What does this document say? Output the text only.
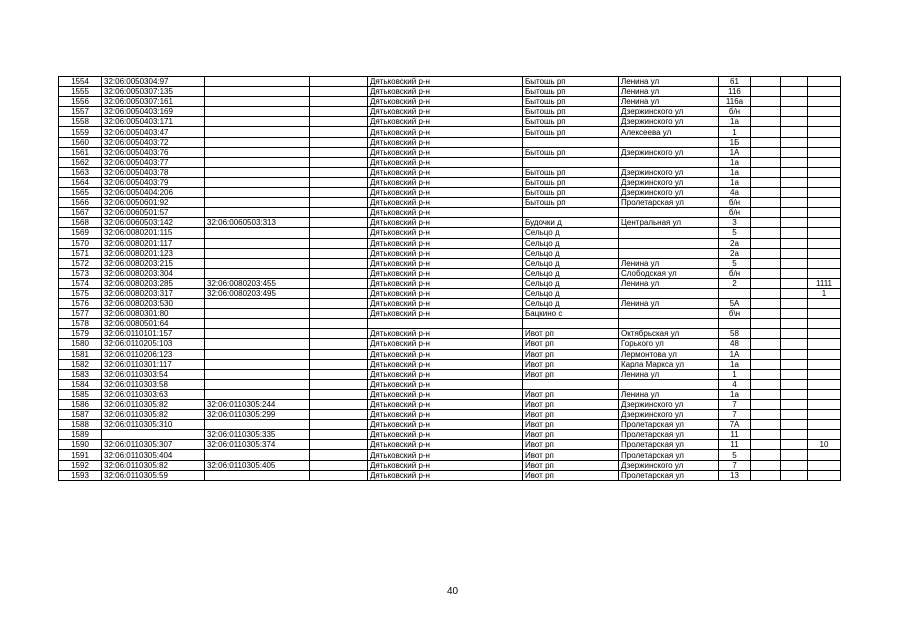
1554	32:06:0050304:97			Дятьковский р-н	Бытошь рп	Ленина ул	61			
1555	32:06:0050307:135			Дятьковский р-н	Бытошь рп	Ленина ул	116			
1556	32:06:0050307:161			Дятьковский р-н	Бытошь рп	Ленина ул	116а			
1557	32:06:0050403:169			Дятьковский р-н	Бытошь рп	Дзержинского ул	б/н			
1558	32:06:0050403:171			Дятьковский р-н	Бытошь рп	Дзержинского ул	1а			
1559	32:06:0050403:47			Дятьковский р-н	Бытошь рп	Алексеева ул	1			
1560	32:06:0050403:72			Дятьковский р-н			1Б			
1561	32:06:0050403:76			Дятьковский р-н	Бытошь рп	Дзержинского ул	1А			
1562	32:06:0050403:77			Дятьковский р-н			1а			
1563	32:06:0050403:78			Дятьковский р-н	Бытошь рп	Дзержинского ул	1а			
1564	32:06:0050403:79			Дятьковский р-н	Бытошь рп	Дзержинского ул	1а			
1565	32:06:0050404:206			Дятьковский р-н	Бытошь рп	Дзержинского ул	4а			
1566	32:06:0050601:92			Дятьковский р-н	Бытошь рп	Пролетарская ул	б/н			
1567	32:06:0060501:57			Дятьковский р-н			б/н			
1568	32:06:0060503:142	32:06:0060503:313		Дятьковский р-н	Будочки д	Центральная ул	3			
1569	32:06:0080201:115			Дятьковский р-н	Сельцо д		5			
1570	32:06:0080201:117			Дятьковский р-н	Сельцо д		2а			
1571	32:06:0080201:123			Дятьковский р-н	Сельцо д		2а			
1572	32:06:0080203:215			Дятьковский р-н	Сельцо д	Ленина ул	5			
1573	32:06:0080203:304			Дятьковский р-н	Сельцо д	Слободская ул	б/н			
1574	32:06:0080203:285	32:06:0080203:455		Дятьковский р-н	Сельцо д	Ленина ул	2			1111
1575	32:06:0080203:317	32:06:0080203:495		Дятьковский р-н	Сельцо д					1
1576	32:06:0080203:530			Дятьковский р-н	Сельцо д	Ленина ул	5А			
1577	32:06:0080301:80			Дятьковский р-н	Бацкино с		б\н			
1578	32:06:0080501:64									
1579	32:06:0110101:157			Дятьковский р-н	Ивот рп	Октябрьская ул	58			
1580	32:06:0110205:103			Дятьковский р-н	Ивот рп	Горького ул	48			
1581	32:06:0110206:123			Дятьковский р-н	Ивот рп	Лермонтова ул	1А			
1582	32:06:0110301:117			Дятьковский р-н	Ивот рп	Карла Маркса ул	1а			
1583	32:06:0110303:54			Дятьковский р-н	Ивот рп	Ленина ул	1			
1584	32:06:0110303:58			Дятьковский р-н			4			
1585	32:06:0110303:63			Дятьковский р-н	Ивот рп	Ленина ул	1а			
1586	32:06:0110305:82	32:06:0110305:244		Дятьковский р-н	Ивот рп	Дзержинского ул	7			
1587	32:06:0110305:82	32:06:0110305:299		Дятьковский р-н	Ивот рп	Дзержинского ул	7			
1588	32:06:0110305:310			Дятьковский р-н	Ивот рп	Пролетарская ул	7А			
1589		32:06:0110305:335		Дятьковский р-н	Ивот рп	Пролетарская ул	11			
1590	32:06:0110305:307	32:06:0110305:374		Дятьковский р-н	Ивот рп	Пролетарская ул	11			10
1591	32:06:0110305:404			Дятьковский р-н	Ивот рп	Пролетарская ул	5			
1592	32:06:0110305:82	32:06:0110305:405		Дятьковский р-н	Ивот рп	Дзержинского ул	7			
1593	32:06:0110305:59			Дятьковский р-н	Ивот рп	Пролетарская ул	13			
40
